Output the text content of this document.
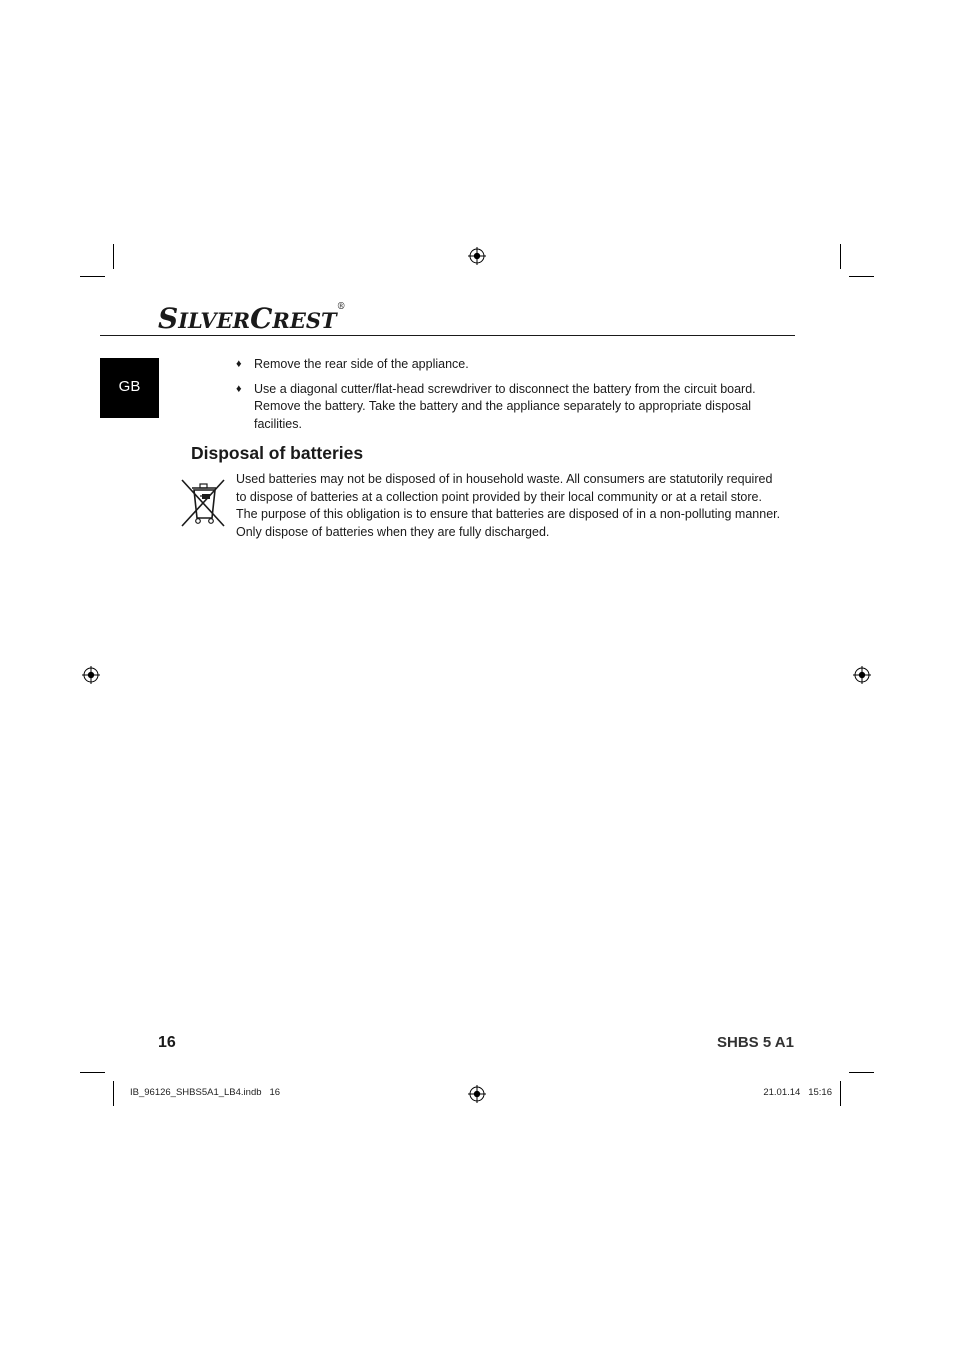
SILVERCREST®
GB
♦ Remove the rear side of the appliance.
♦ Use a diagonal cutter/flat-head screwdriver to disconnect the battery from the circuit board. Remove the battery. Take the battery and the appliance separately to appropriate disposal facilities.
Disposal of batteries

Used batteries may not be disposed of in household waste. All consumers are statutorily required to dispose of batteries at a collection point provided by their local community or at a retail store. The purpose of this obligation is to ensure that batteries are disposed of in a non-polluting manner. Only dispose of batteries when they are fully discharged.

16	SHBS 5 A1
IB_96126_SHBS5A1_LB4.indb   16	21.01.14   15:16
